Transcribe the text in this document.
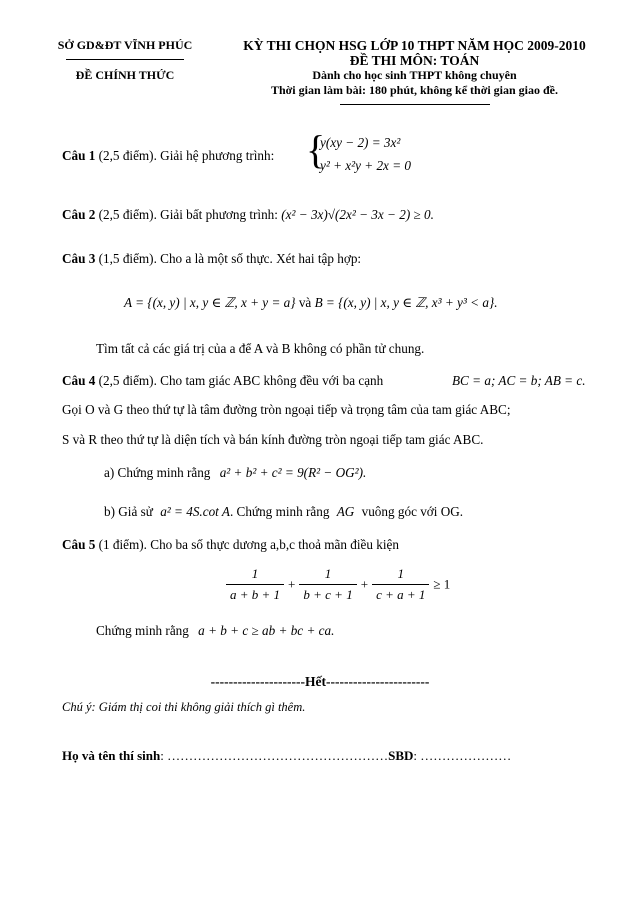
SỞ GD&ĐT VĨNH PHÚC
ĐỀ CHÍNH THỨC
KỲ THI CHỌN HSG LỚP 10 THPT NĂM HỌC 2009-2010
ĐỀ THI MÔN: TOÁN
Dành cho học sinh THPT không chuyên
Thời gian làm bài: 180 phút, không kể thời gian giao đề.
Câu 1 (2,5 điểm). Giải hệ phương trình: {
y(xy − 2) = 3x²
y² + x²y + 2x = 0
Câu 2 (2,5 điểm). Giải bất phương trình: (x² − 3x)√(2x² − 3x − 2) ≥ 0.
Câu 3 (1,5 điểm). Cho a là một số thực. Xét hai tập hợp:
A = {(x, y) | x, y ∈ ℤ, x + y = a} và B = {(x, y) | x, y ∈ ℤ, x³ + y³ < a}.
Tìm tất cả các giá trị của a để A và B không có phần tử chung.
Câu 4 (2,5 điểm). Cho tam giác ABC không đều với ba cạnh	BC = a; AC = b; AB = c.
Gọi O và G theo thứ tự là tâm đường tròn ngoại tiếp và trọng tâm của tam giác ABC;
S và R theo thứ tự là diện tích và bán kính đường tròn ngoại tiếp tam giác ABC.
a) Chứng minh rằng a² + b² + c² = 9(R² − OG²).
b) Giả sử a² = 4S.cot A. Chứng minh rằng AG vuông góc với OG.
Câu 5 (1 điểm). Cho ba số thực dương a,b,c thoả mãn điều kiện
$\frac{1}{a + b + 1} + \frac{1}{b + c + 1} + \frac{1}{c + a + 1} \ge 1$
Chứng minh rằng a + b + c ≥ ab + bc + ca.
---------------------Hết-----------------------
Chú ý: Giám thị coi thi không giải thích gì thêm.
Họ và tên thí sinh: ……………………………………………SBD: …………………
